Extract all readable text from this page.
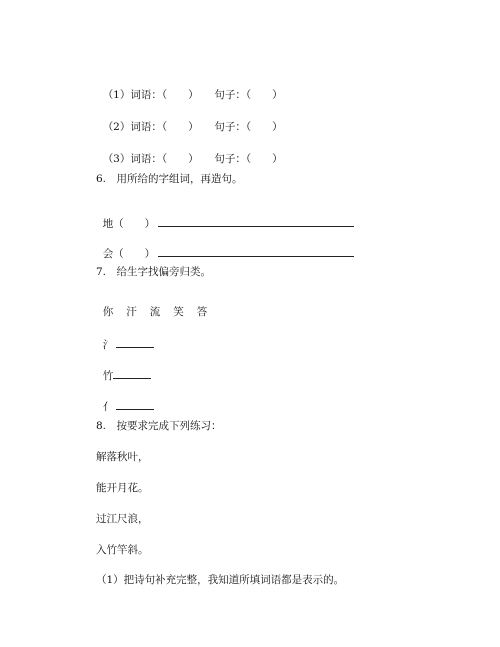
（1）词语：（　　）　　 句子：（　　）

（2）词语：（　　）　　 句子：（　　）

（3）词语：（　　）　　 句子：（　　）

6.　用所给的字组词，再造句。

地（　　）

会（　　）

7.　给生字找偏旁归类。

你 汗 流 笑 答

氵

竹

亻

8.　按要求完成下列练习：
解落秋叶，
能开月花。
过江尺浪，
入竹竿斜。
（1）把诗句补充完整，我知道所填词语都是表示的。
